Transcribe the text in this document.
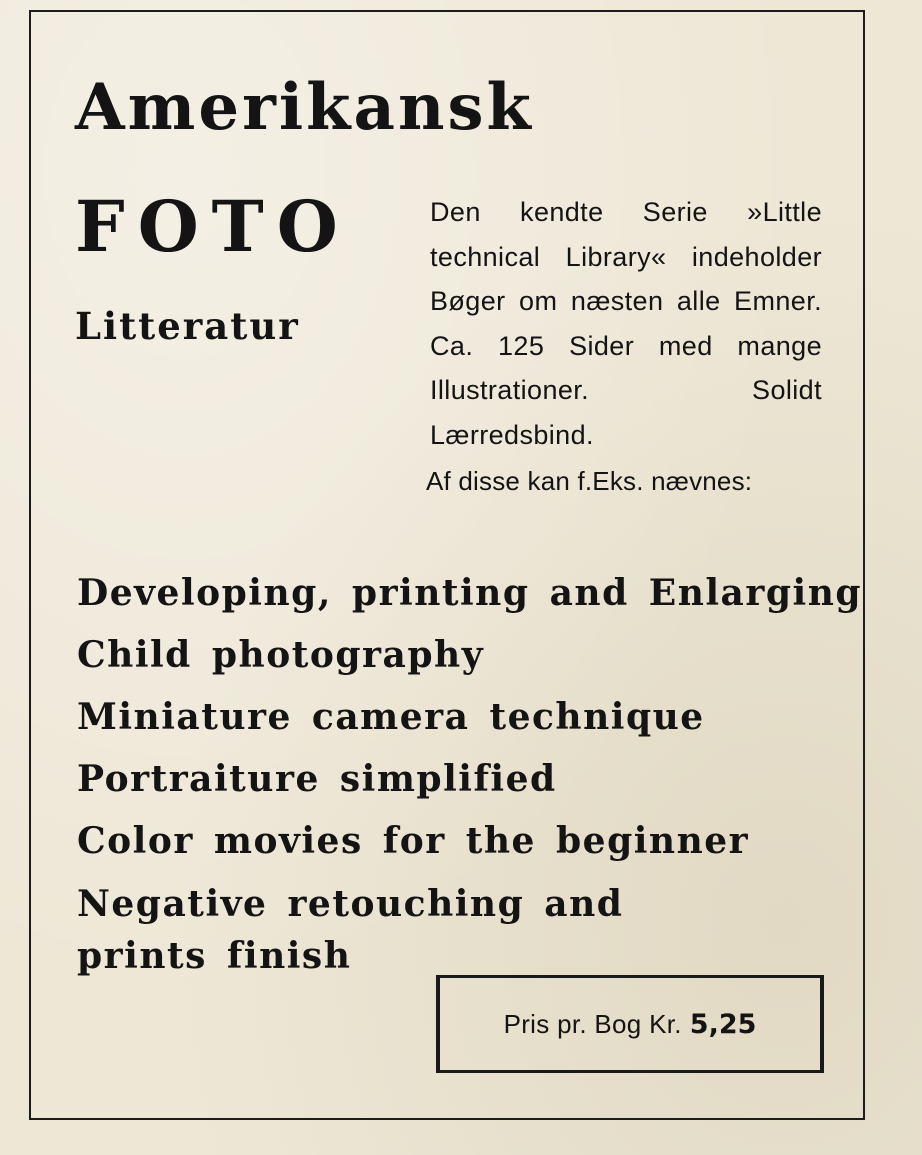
Amerikansk
FOTO
Litteratur

Den kendte Serie »Little technical Library« indeholder Bøger om næsten alle Emner. Ca. 125 Sider med mange Illustrationer. Solidt Lærredsbind.

Af disse kan f.Eks. nævnes:

Developing, printing and Enlarging
Child photography
Miniature camera technique
Portraiture simplified
Color movies for the beginner
Negative retouching and prints finish
Pris pr. Bog Kr. 5,25
